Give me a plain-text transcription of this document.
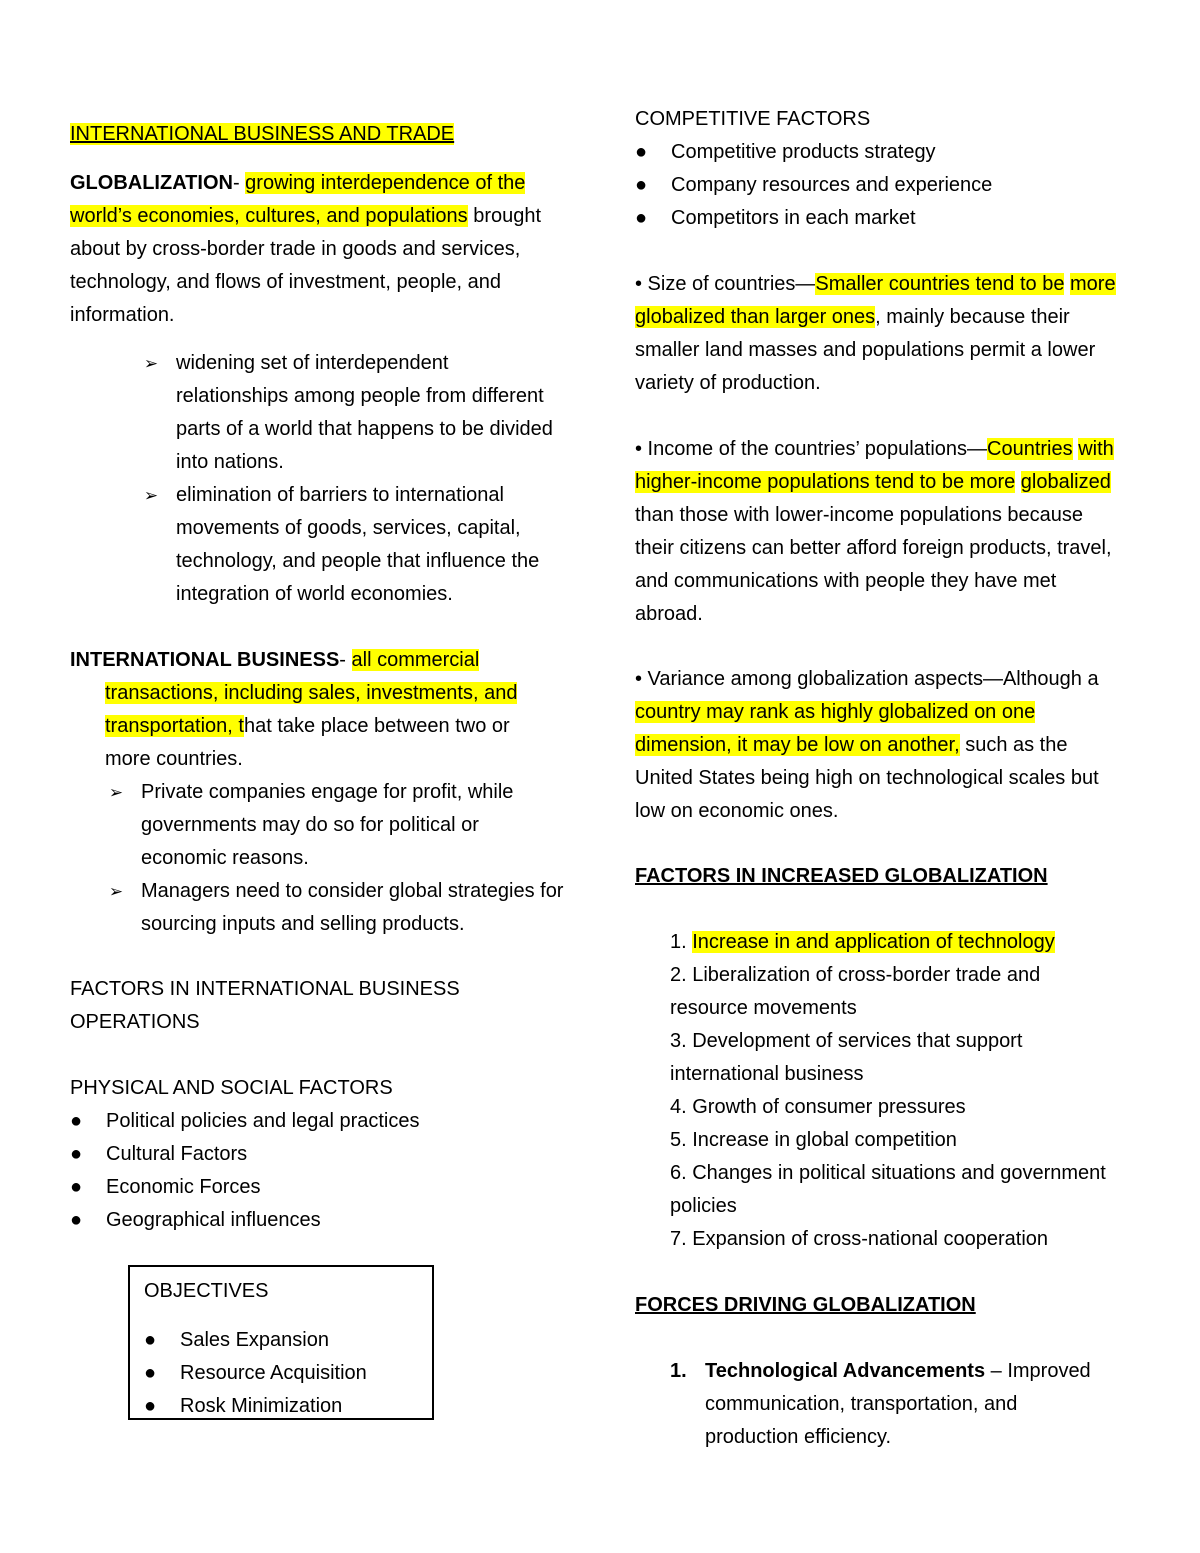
INTERNATIONAL BUSINESS AND TRADE

GLOBALIZATION- growing interdependence of the world’s economies, cultures, and populations brought about by cross-border trade in goods and services, technology, and flows of investment, people, and information.

➢ widening set of interdependent relationships among people from different parts of a world that happens to be divided into nations.
➢ elimination of barriers to international movements of goods, services, capital, technology, and people that influence the integration of world economies.

INTERNATIONAL BUSINESS- all commercial

transactions, including sales, investments, and transportation, that take place between two or more countries.

➢ Private companies engage for profit, while governments may do so for political or economic reasons.
➢ Managers need to consider global strategies for sourcing inputs and selling products.

FACTORS IN INTERNATIONAL BUSINESS

OPERATIONS

PHYSICAL AND SOCIAL FACTORS
● Political policies and legal practices
● Cultural Factors
● Economic Forces
● Geographical influences
OBJECTIVES
● Sales Expansion
● Resource Acquisition
● Rosk Minimization
COMPETITIVE FACTORS
● Competitive products strategy
● Company resources and experience
● Competitors in each market

• Size of countries—Smaller countries tend to be more globalized than larger ones, mainly because their smaller land masses and populations permit a lower variety of production.

• Income of the countries’ populations—Countries with higher-income populations tend to be more globalized than those with lower-income populations because their citizens can better afford foreign products, travel, and communications with people they have met abroad.

• Variance among globalization aspects—Although a country may rank as highly globalized on one dimension, it may be low on another, such as the United States being high on technological scales but low on economic ones.

FACTORS IN INCREASED GLOBALIZATION

1. Increase in and application of technology

2. Liberalization of cross-border trade and resource movements

3. Development of services that support international business

4. Growth of consumer pressures

5. Increase in global competition

6. Changes in political situations and government policies

7. Expansion of cross-national cooperation

FORCES DRIVING GLOBALIZATION
1. Technological Advancements – Improved communication, transportation, and production efficiency.
